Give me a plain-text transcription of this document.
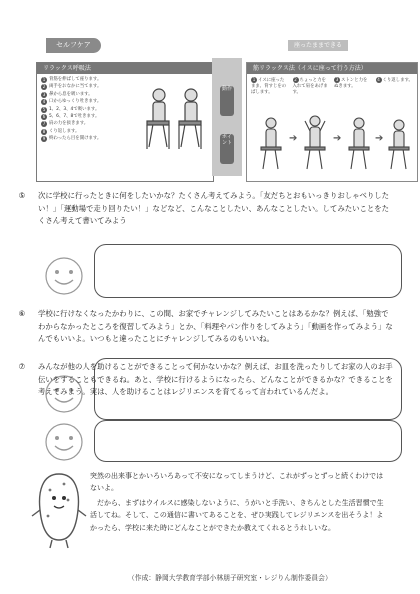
セルフケア	座ったままできる
リラックス呼吸法
1 背筋を伸ばして座ります。
2 両手をおなかに当てます。
3 鼻から息を吸います。
4 口からゆっくり吐きます。
5 1、2、3、4で吸います。
6 5、6、7、8で吐きます。
7 肩の力を抜きます。
8 くり返します。
9 終わったら目を開けます。
動作
ポイント
筋リラックス法（イスに座って行う方法）
1 イスに座ったまま、背すじをのばします。
2 ちょっと力を入れて肩をあげます。
3 ストンと力をぬきます。
4 くり返します。
➔	➔	➔
⑤	次に学校に行ったときに何をしたいかな？たくさん考えてみよう。「友だちとおもいっきりおしゃべりしたい！」「運動場で走り回りたい！」などなど、こんなことしたい、あんなことしたい。してみたいことをたくさん考えて書いてみよう

⑥	学校に行けなくなったかわりに、この間、お家でチャレンジしてみたいことはあるかな？例えば、「勉強でわからなかったところを復習してみよう」とか、「料理やパン作りをしてみよう」「動画を作ってみよう」なんでもいいよ。いつもと違ったことにチャレンジしてみるのもいいね。

⑦	みんなが他の人を助けることができることって何かないかな？例えば、お皿を洗ったりしてお家の人のお手伝いをすることもできるね。あと、学校に行けるようになったら、どんなことができるかな？できることを考えてみよう。実は、人を助けることはレジリエンスを育てるって言われているんだよ。

突然の出来事とかいろいろあって不安になってしまうけど、これがずっとずっと続くわけではないよ。
だから、まずはウイルスに感染しないように、うがいと手洗い、きちんとした生活習慣で生活してね。そして、この通信に書いてあることを、ぜひ実践してレジリエンスを出そうよ！よかったら、学校に来た時にどんなことができたか教えてくれるとうれしいな。
（作成：静岡大学教育学部小林朋子研究室・レジりん制作委員会）
